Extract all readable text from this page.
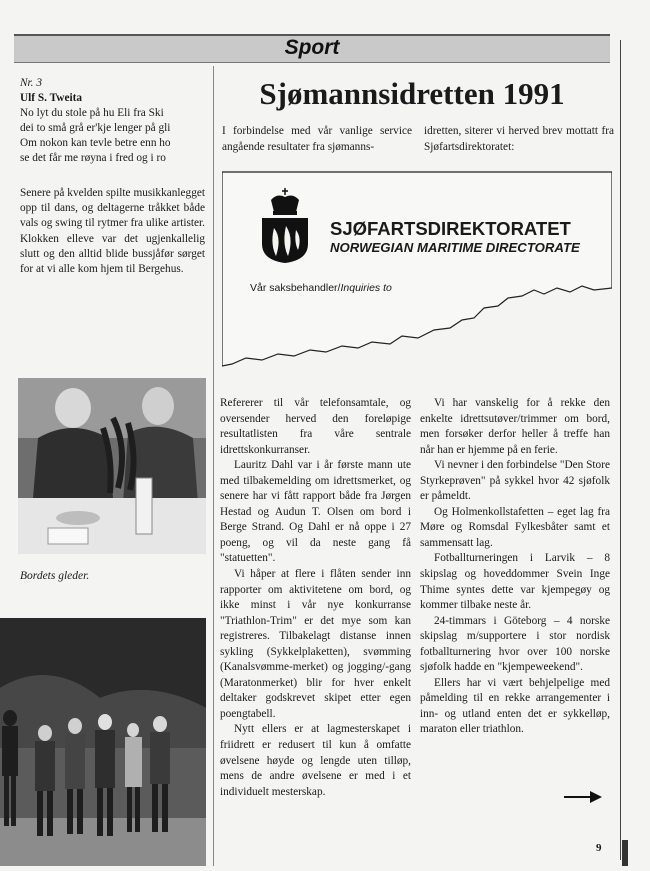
Sport
Nr. 3
Ulf S. Tweita
No lyt du stole på hu Eli fra Ski
dei to små grå er'kje lenger på gli
Om nokon kan tevle betre enn ho
se det får me røyna i fred og i ro
Senere på kvelden spilte musikkanlegget opp til dans, og deltagerne tråkket både vals og swing til rytmer fra ulike artister. Klokken elleve var det ugjenkallelig slutt og den alltid blide bussjåfør sørget for at vi alle kom hjem til Bergehus.
Bordets gleder.
Sjømannsidretten 1991
I forbindelse med vår vanlige service angående resultater fra sjømanns-
idretten, siterer vi herved brev mottatt fra Sjøfartsdirektoratet:
SJØFARTSDIREKTORATET
NORWEGIAN MARITIME DIRECTORATE
Vår saksbehandler/Inquiries to

Refererer til vår telefonsamtale, og oversender herved den foreløpige resultatlisten fra våre sentrale idrettskonkurranser.

Lauritz Dahl var i år første mann ute med tilbakemelding om idrettsmerket, og senere har vi fått rapport både fra Jørgen Hestad og Audun T. Olsen om bord i Berge Strand. Og Dahl er nå oppe i 27 poeng, og vil da neste gang få "statuetten".

Vi håper at flere i flåten sender inn rapporter om aktivitetene om bord, og ikke minst i vår nye konkurranse "Triathlon-Trim" er det mye som kan registreres. Tilbakelagt distanse innen sykling (Sykkelplaketten), svømming (Kanalsvømme-merket) og jogging/-gang (Maratonmerket) blir for hver enkelt deltaker godskrevet skipet etter egen poengtabell.

Nytt ellers er at lagmesterskapet i friidrett er redusert til kun å omfatte øvelsene høyde og lengde uten tilløp, mens de andre øvelsene er med i et individuelt mesterskap.

Vi har vanskelig for å rekke den enkelte idrettsutøver/trimmer om bord, men forsøker derfor heller å treffe han når han er hjemme på en ferie.

Vi nevner i den forbindelse "Den Store Styrkeprøven" på sykkel hvor 42 sjøfolk er påmeldt.

Og Holmenkollstafetten – eget lag fra Møre og Romsdal Fylkesbåter samt et sammensatt lag.

Fotballturneringen i Larvik – 8 skipslag og hoveddommer Svein Inge Thime syntes dette var kjempegøy og kommer tilbake neste år.

24-timmars i Göteborg – 4 norske skipslag m/supportere i stor nordisk fotballturnering hvor over 100 norske sjøfolk hadde en "kjempeweekend".

Ellers har vi vært behjelpelige med påmelding til en rekke arrangementer i inn- og utland enten det er sykkelløp, maraton eller triathlon.

9
